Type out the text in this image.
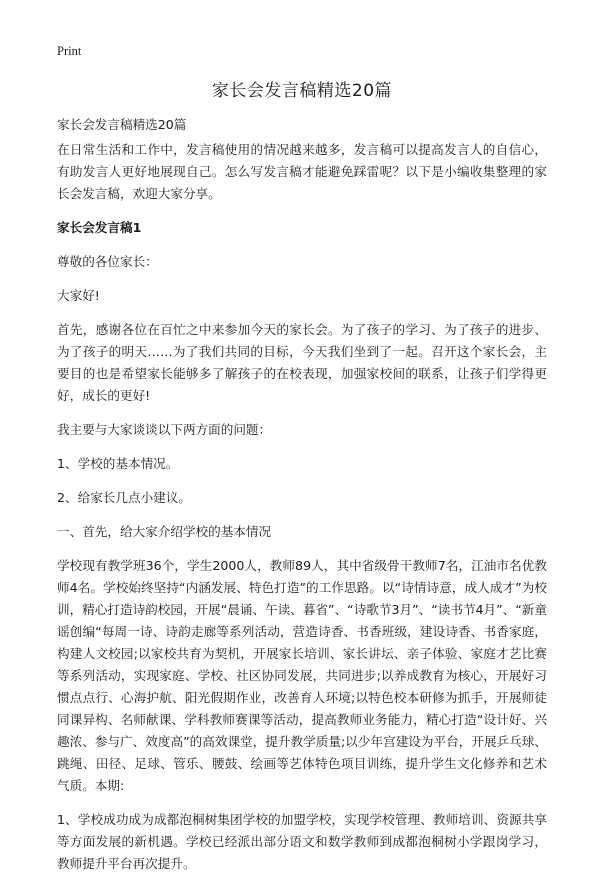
Print
家长会发言稿精选20篇

家长会发言稿精选20篇

在日常生活和工作中，发言稿使用的情况越来越多，发言稿可以提高发言人的自信心，有助发言人更好地展现自己。怎么写发言稿才能避免踩雷呢？以下是小编收集整理的家长会发言稿，欢迎大家分享。

家长会发言稿1

尊敬的各位家长：

大家好!

首先，感谢各位在百忙之中来参加今天的家长会。为了孩子的学习、为了孩子的进步、为了孩子的明天……为了我们共同的目标，今天我们坐到了一起。召开这个家长会，主要目的也是希望家长能够多了解孩子的在校表现，加强家校间的联系，让孩子们学得更好，成长的更好!

我主要与大家谈谈以下两方面的问题：

1、学校的基本情况。

2、给家长几点小建议。

一、首先，给大家介绍学校的基本情况

学校现有教学班36个，学生2000人，教师89人，其中省级骨干教师7名，江油市名优教师4名。学校始终坚持“内涵发展、特色打造”的工作思路。以“诗情诗意，成人成才”为校训，精心打造诗韵校园，开展“晨诵、午读、暮省”、“诗歌节3月”、“读书节4月”、“新童谣创编“每周一诗、诗韵走廊等系列活动，营造诗香、书香班级，建设诗香、书香家庭，构建人文校园;以家校共育为契机，开展家长培训、家长讲坛、亲子体验、家庭才艺比赛等系列活动，实现家庭、学校、社区协同发展，共同进步;以养成教育为核心，开展好习惯点点行、心海护航、阳光假期作业，改善育人环境;以特色校本研修为抓手，开展师徒同课异构、名师献课、学科教师赛课等活动，提高教师业务能力，精心打造“设计好、兴趣浓、参与广、效度高”的高效课堂，提升教学质量;以少年宫建设为平台，开展乒乓球、跳绳、田径、足球、管乐、腰鼓、绘画等艺体特色项目训练，提升学生文化修养和艺术气质。本期:

1、学校成功成为成都泡桐树集团学校的加盟学校，实现学校管理、教师培训、资源共享等方面发展的新机遇。学校已经派出部分语文和数学教师到成都泡桐树小学跟岗学习，教师提升平台再次提升。
